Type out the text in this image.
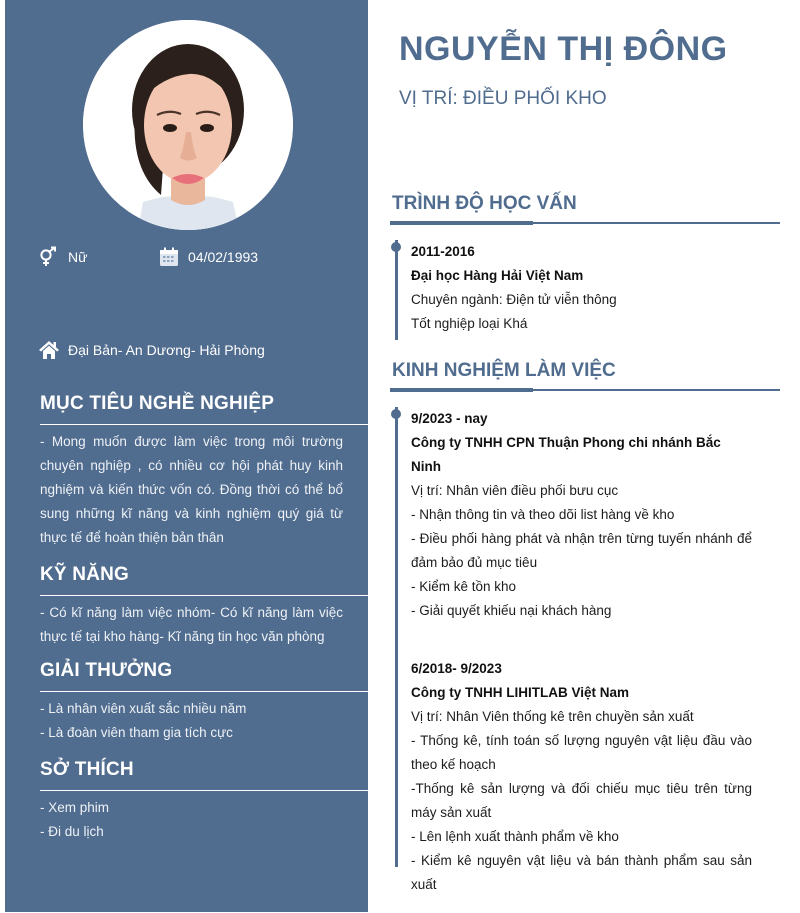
Nữ	04/02/1993
Đại Bản- An Dương- Hải Phòng
MỤC TIÊU NGHỀ NGHIỆP
- Mong muốn được làm việc trong môi trường chuyên nghiệp , có nhiều cơ hội phát huy kinh nghiệm và kiến thức vốn có. Đồng thời có thể bổ sung những kĩ năng và kinh nghiệm quý giá từ thực tế để hoàn thiện bản thân
KỸ NĂNG
- Có kĩ năng làm việc nhóm- Có kĩ năng làm việc thực tế tại kho hàng- Kĩ năng tin học văn phòng
GIẢI THƯỞNG
- Là nhân viên xuất sắc nhiều năm
- Là đoàn viên tham gia tích cực
SỞ THÍCH
- Xem phim
- Đi du lịch
NGUYỄN THỊ ĐÔNG
VỊ TRÍ: ĐIỀU PHỐI KHO
TRÌNH ĐỘ HỌC VẤN
2011-2016
Đại học Hàng Hải Việt Nam
Chuyên ngành: Điện tử viễn thông
Tốt nghiệp loại Khá
KINH NGHIỆM LÀM VIỆC
9/2023 - nay
Công ty TNHH CPN Thuận Phong chi nhánh Bắc Ninh
Vị trí: Nhân viên điều phối bưu cục
- Nhận thông tin và theo dõi list hàng về kho
- Điều phối hàng phát và nhận trên từng tuyến nhánh để đảm bảo đủ mục tiêu
- Kiểm kê tồn kho
- Giải quyết khiếu nại khách hàng
6/2018- 9/2023
Công ty TNHH LIHITLAB Việt Nam
Vị trí: Nhân Viên thống kê trên chuyền sản xuất
- Thống kê, tính toán số lượng nguyên vật liệu đầu vào theo kế hoạch
-Thống kê sản lượng và đối chiếu mục tiêu trên từng máy sản xuất
- Lên lệnh xuất thành phẩm về kho
- Kiểm kê nguyên vật liệu và bán thành phẩm sau sản xuất
